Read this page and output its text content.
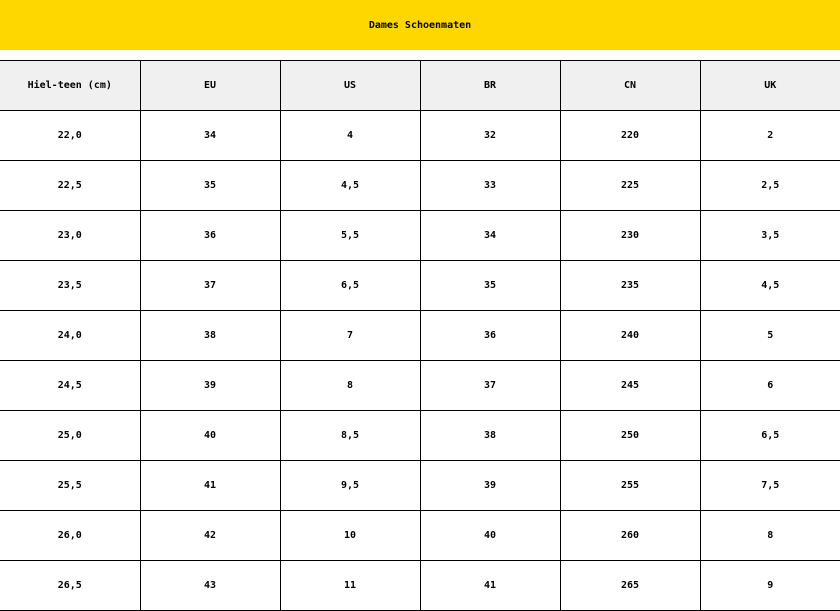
Dames Schoenmaten
Hiel-teen (cm)	EU	US	BR	CN	UK
22,0	34	4	32	220	2
22,5	35	4,5	33	225	2,5
23,0	36	5,5	34	230	3,5
23,5	37	6,5	35	235	4,5
24,0	38	7	36	240	5
24,5	39	8	37	245	6
25,0	40	8,5	38	250	6,5
25,5	41	9,5	39	255	7,5
26,0	42	10	40	260	8
26,5	43	11	41	265	9
